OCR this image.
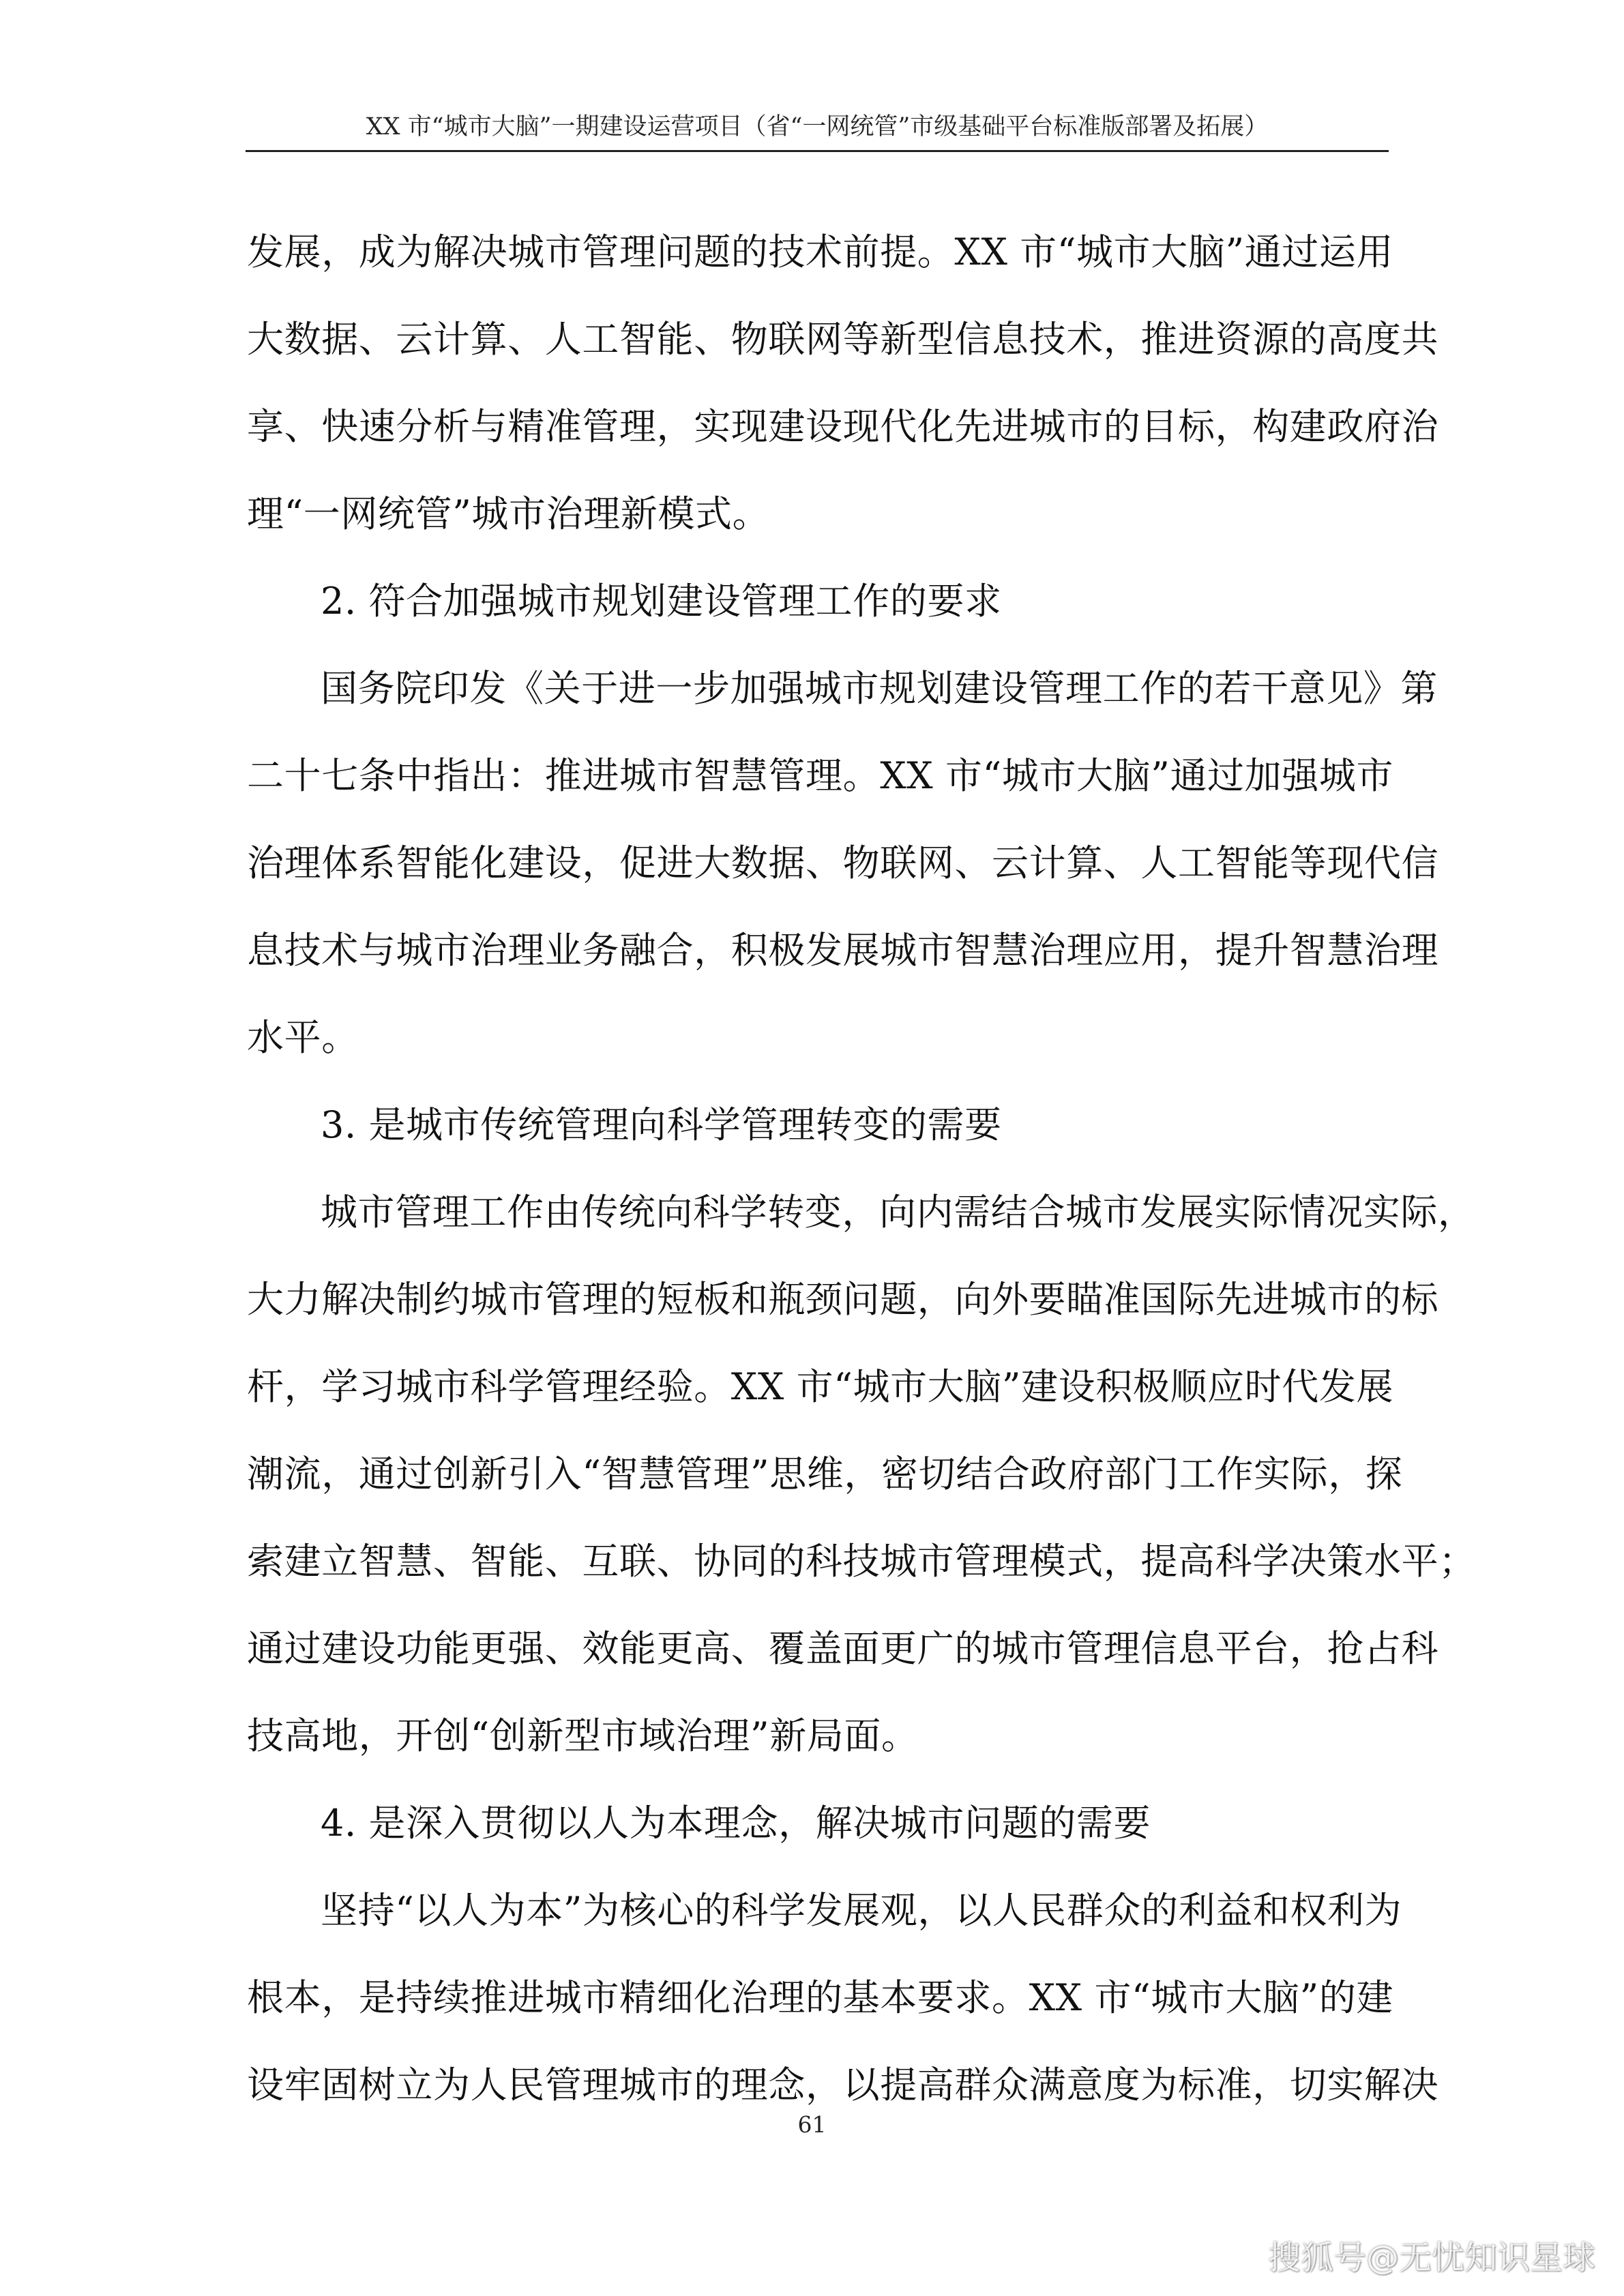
XX 市“城市大脑”一期建设运营项目（省“一网统管”市级基础平台标准版部署及拓展）
发展，成为解决城市管理问题的技术前提。XX 市“城市大脑”通过运用
大数据、云计算、人工智能、物联网等新型信息技术，推进资源的高度共
享、快速分析与精准管理，实现建设现代化先进城市的目标，构建政府治
理“一网统管”城市治理新模式。
2. 符合加强城市规划建设管理工作的要求
国务院印发《关于进一步加强城市规划建设管理工作的若干意见》第
二十七条中指出：推进城市智慧管理。XX 市“城市大脑”通过加强城市
治理体系智能化建设，促进大数据、物联网、云计算、人工智能等现代信
息技术与城市治理业务融合，积极发展城市智慧治理应用，提升智慧治理
水平。
3. 是城市传统管理向科学管理转变的需要
城市管理工作由传统向科学转变，向内需结合城市发展实际情况实际，
大力解决制约城市管理的短板和瓶颈问题，向外要瞄准国际先进城市的标
杆，学习城市科学管理经验。XX 市“城市大脑”建设积极顺应时代发展
潮流，通过创新引入“智慧管理”思维，密切结合政府部门工作实际，探
索建立智慧、智能、互联、协同的科技城市管理模式，提高科学决策水平；
通过建设功能更强、效能更高、覆盖面更广的城市管理信息平台，抢占科
技高地，开创“创新型市域治理”新局面。
4. 是深入贯彻以人为本理念，解决城市问题的需要
坚持“以人为本”为核心的科学发展观，以人民群众的利益和权利为
根本，是持续推进城市精细化治理的基本要求。XX 市“城市大脑”的建
设牢固树立为人民管理城市的理念，以提高群众满意度为标准，切实解决
61
搜狐号@无忧知识星球
